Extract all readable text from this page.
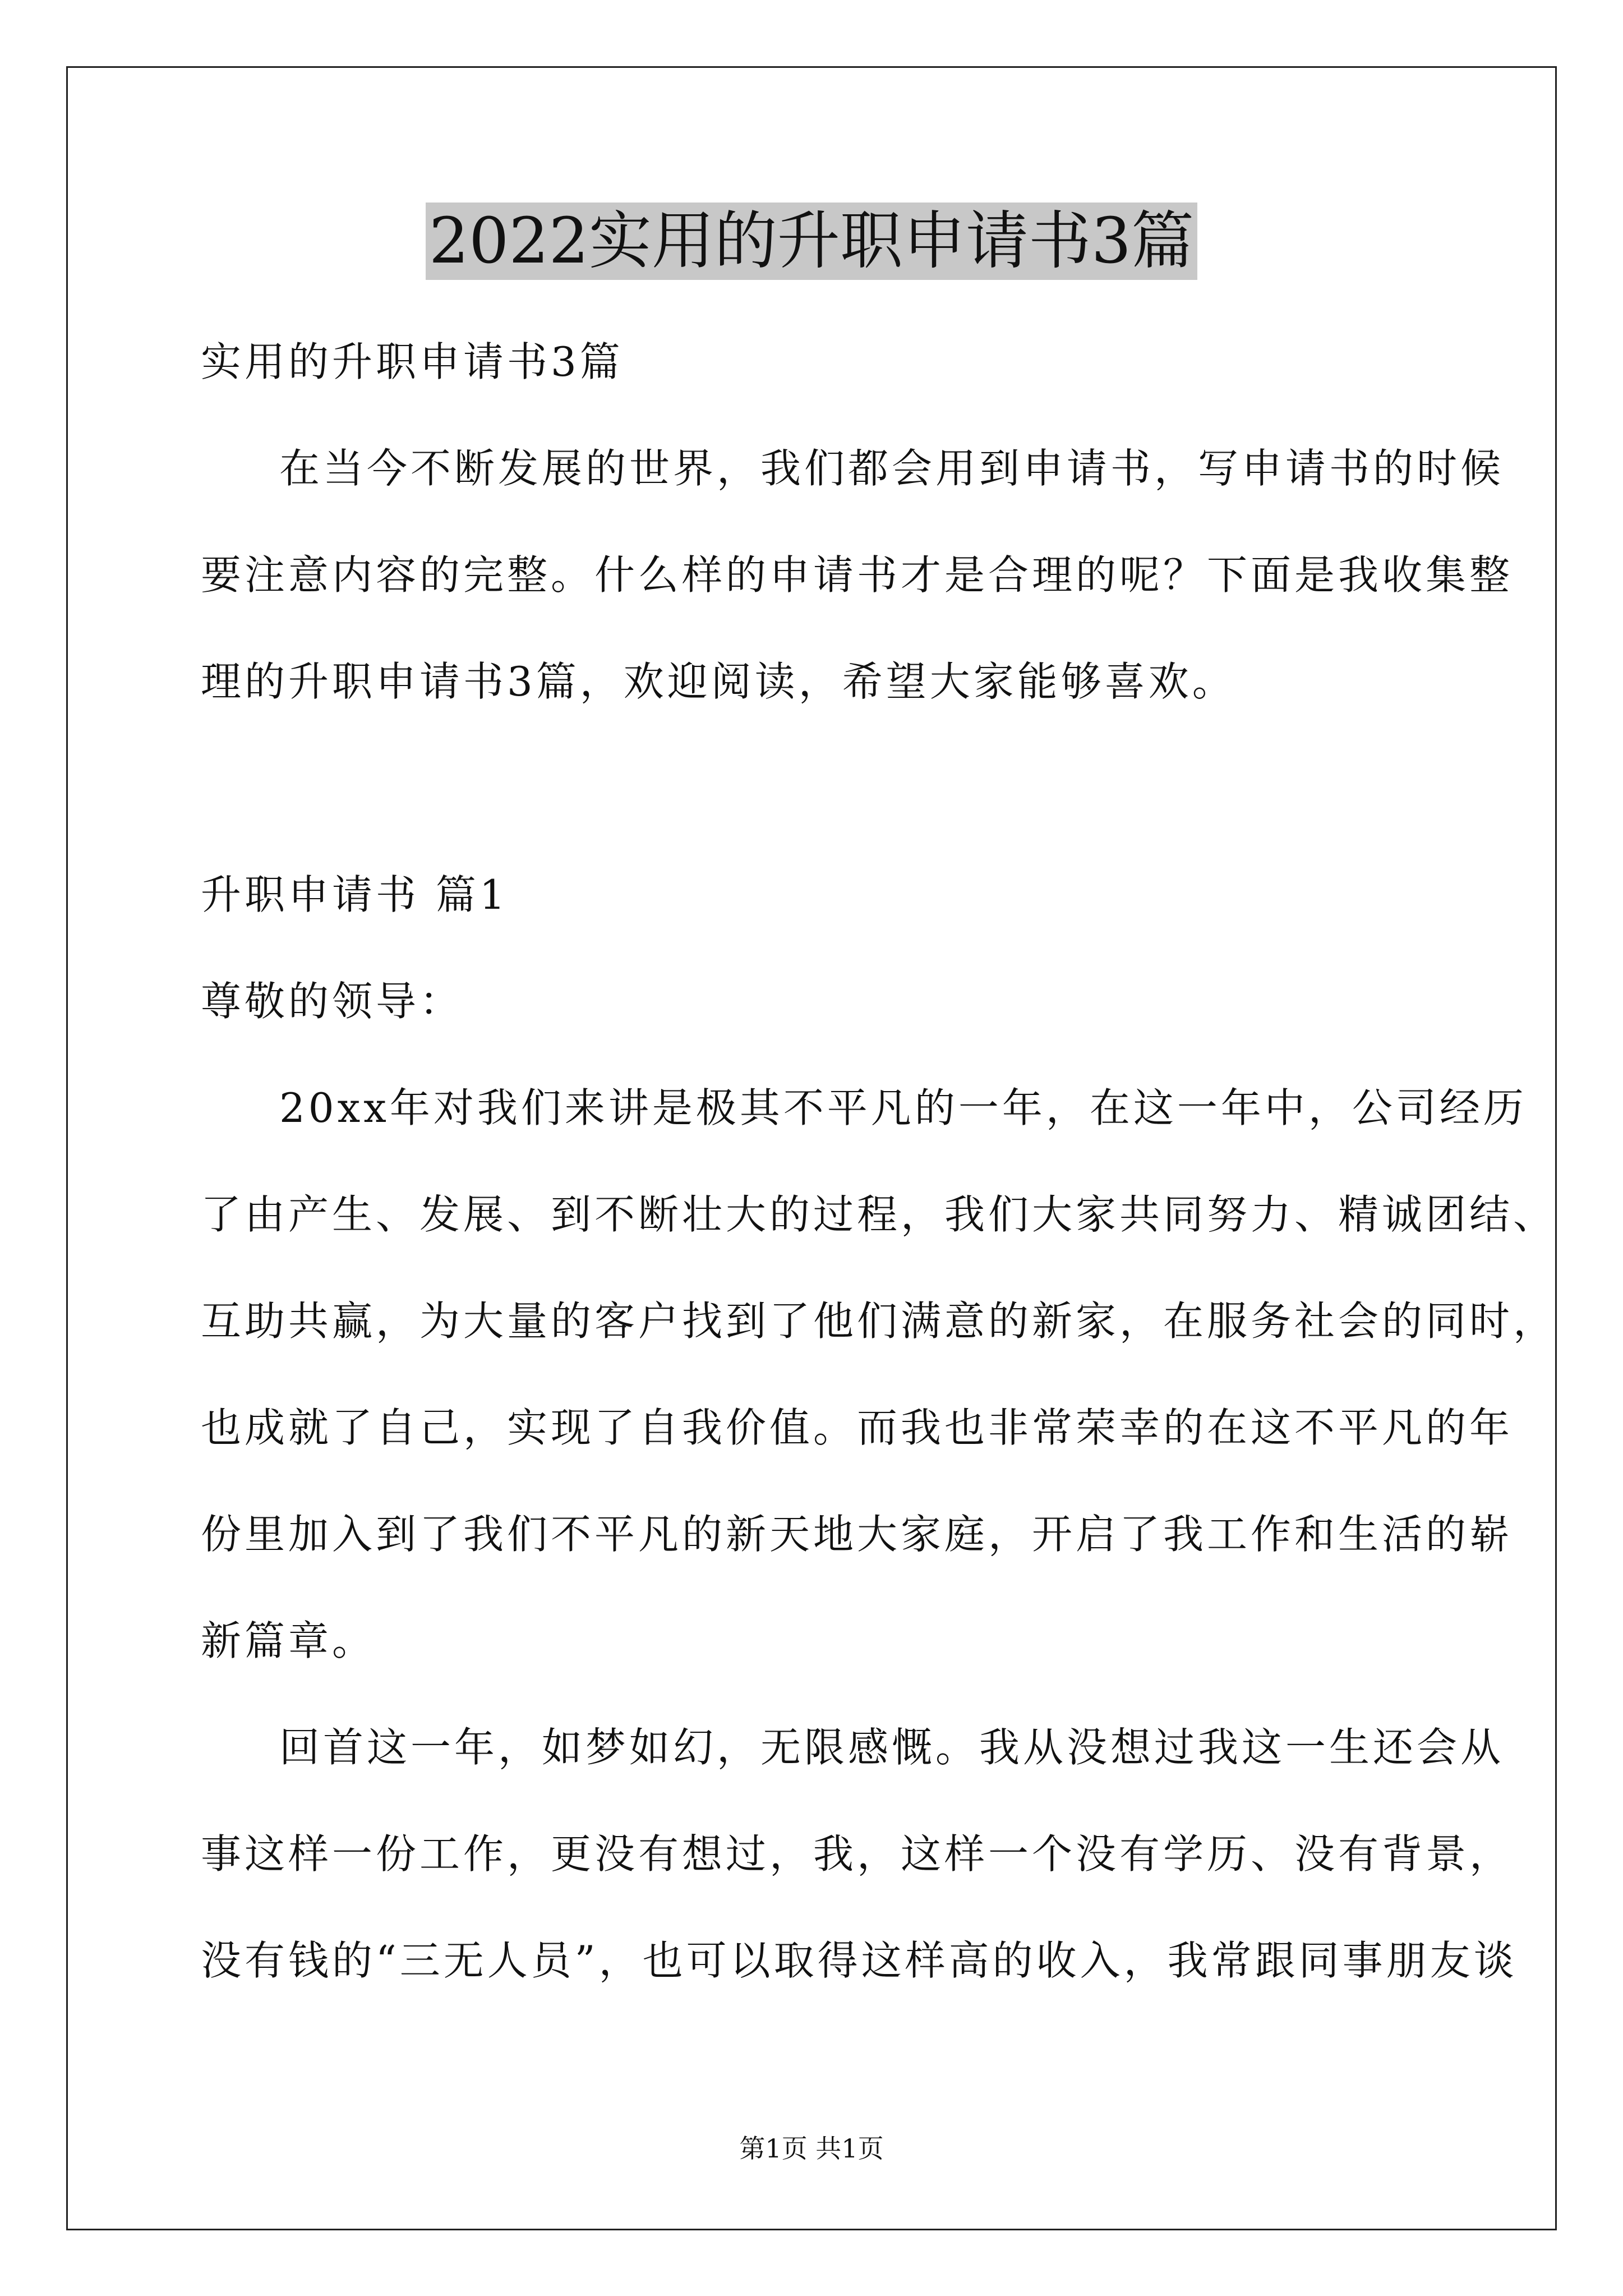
2022实用的升职申请书3篇
实用的升职申请书3篇
在当今不断发展的世界，我们都会用到申请书，写申请书的时候
要注意内容的完整。什么样的申请书才是合理的呢？下面是我收集整
理的升职申请书3篇，欢迎阅读，希望大家能够喜欢。
升职申请书 篇1
尊敬的领导：
20xx年对我们来讲是极其不平凡的一年，在这一年中，公司经历
了由产生、发展、到不断壮大的过程，我们大家共同努力、精诚团结、
互助共赢，为大量的客户找到了他们满意的新家，在服务社会的同时，
也成就了自己，实现了自我价值。而我也非常荣幸的在这不平凡的年
份里加入到了我们不平凡的新天地大家庭，开启了我工作和生活的崭
新篇章。
回首这一年，如梦如幻，无限感慨。我从没想过我这一生还会从
事这样一份工作，更没有想过，我，这样一个没有学历、没有背景，
没有钱的“三无人员”，也可以取得这样高的收入，我常跟同事朋友谈
第1页 共1页
